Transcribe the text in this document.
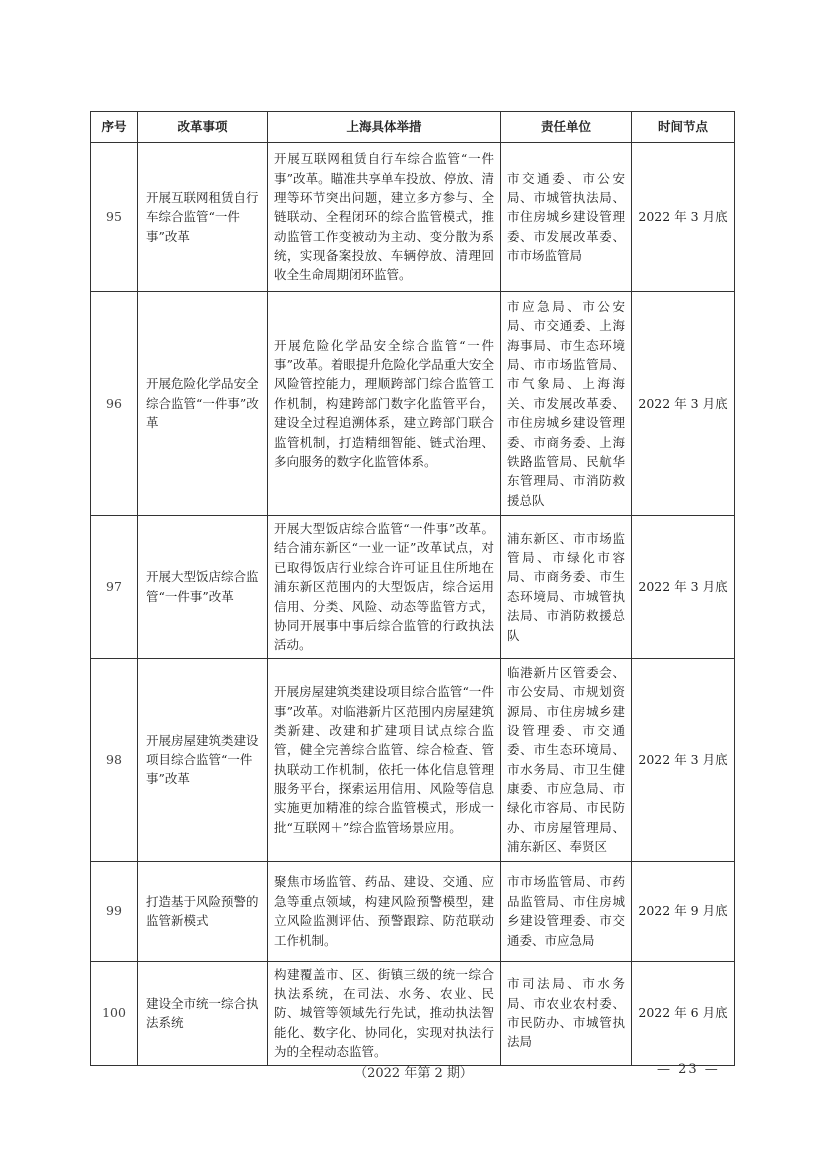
序号	改革事项	上海具体举措	责任单位	时间节点
95	开展互联网租赁自行车综合监管“一件事”改革	开展互联网租赁自行车综合监管“一件事”改革。瞄准共享单车投放、停放、清理等环节突出问题，建立多方参与、全链联动、全程闭环的综合监管模式，推动监管工作变被动为主动、变分散为系统，实现备案投放、车辆停放、清理回收全生命周期闭环监管。	市交通委、市公安局、市城管执法局、市住房城乡建设管理委、市发展改革委、市市场监管局	2022 年 3 月底
96	开展危险化学品安全综合监管“一件事”改革	开展危险化学品安全综合监管“一件事”改革。着眼提升危险化学品重大安全风险管控能力，理顺跨部门综合监管工作机制，构建跨部门数字化监管平台，建设全过程追溯体系，建立跨部门联合监管机制，打造精细智能、链式治理、多向服务的数字化监管体系。	市应急局、市公安局、市交通委、上海海事局、市生态环境局、市市场监管局、市气象局、上海海关、市发展改革委、市住房城乡建设管理委、市商务委、上海铁路监管局、民航华东管理局、市消防救援总队	2022 年 3 月底
97	开展大型饭店综合监管“一件事”改革	开展大型饭店综合监管“一件事”改革。结合浦东新区“一业一证”改革试点，对已取得饭店行业综合许可证且住所地在浦东新区范围内的大型饭店，综合运用信用、分类、风险、动态等监管方式，协同开展事中事后综合监管的行政执法活动。	浦东新区、市市场监管局、市绿化市容局、市商务委、市生态环境局、市城管执法局、市消防救援总队	2022 年 3 月底
98	开展房屋建筑类建设项目综合监管“一件事”改革	开展房屋建筑类建设项目综合监管“一件事”改革。对临港新片区范围内房屋建筑类新建、改建和扩建项目试点综合监管，健全完善综合监管、综合检查、管执联动工作机制，依托一体化信息管理服务平台，探索运用信用、风险等信息实施更加精准的综合监管模式，形成一批“互联网＋”综合监管场景应用。	临港新片区管委会、市公安局、市规划资源局、市住房城乡建设管理委、市交通委、市生态环境局、市水务局、市卫生健康委、市应急局、市绿化市容局、市民防办、市房屋管理局、浦东新区、奉贤区	2022 年 3 月底
99	打造基于风险预警的监管新模式	聚焦市场监管、药品、建设、交通、应急等重点领域，构建风险预警模型，建立风险监测评估、预警跟踪、防范联动工作机制。	市市场监管局、市药品监管局、市住房城乡建设管理委、市交通委、市应急局	2022 年 9 月底
100	建设全市统一综合执法系统	构建覆盖市、区、街镇三级的统一综合执法系统，在司法、水务、农业、民防、城管等领域先行先试，推动执法智能化、数字化、协同化，实现对执法行为的全程动态监管。	市司法局、市水务局、市农业农村委、市民防办、市城管执法局	2022 年 6 月底
（2022 年第 2 期）	— 23 —
